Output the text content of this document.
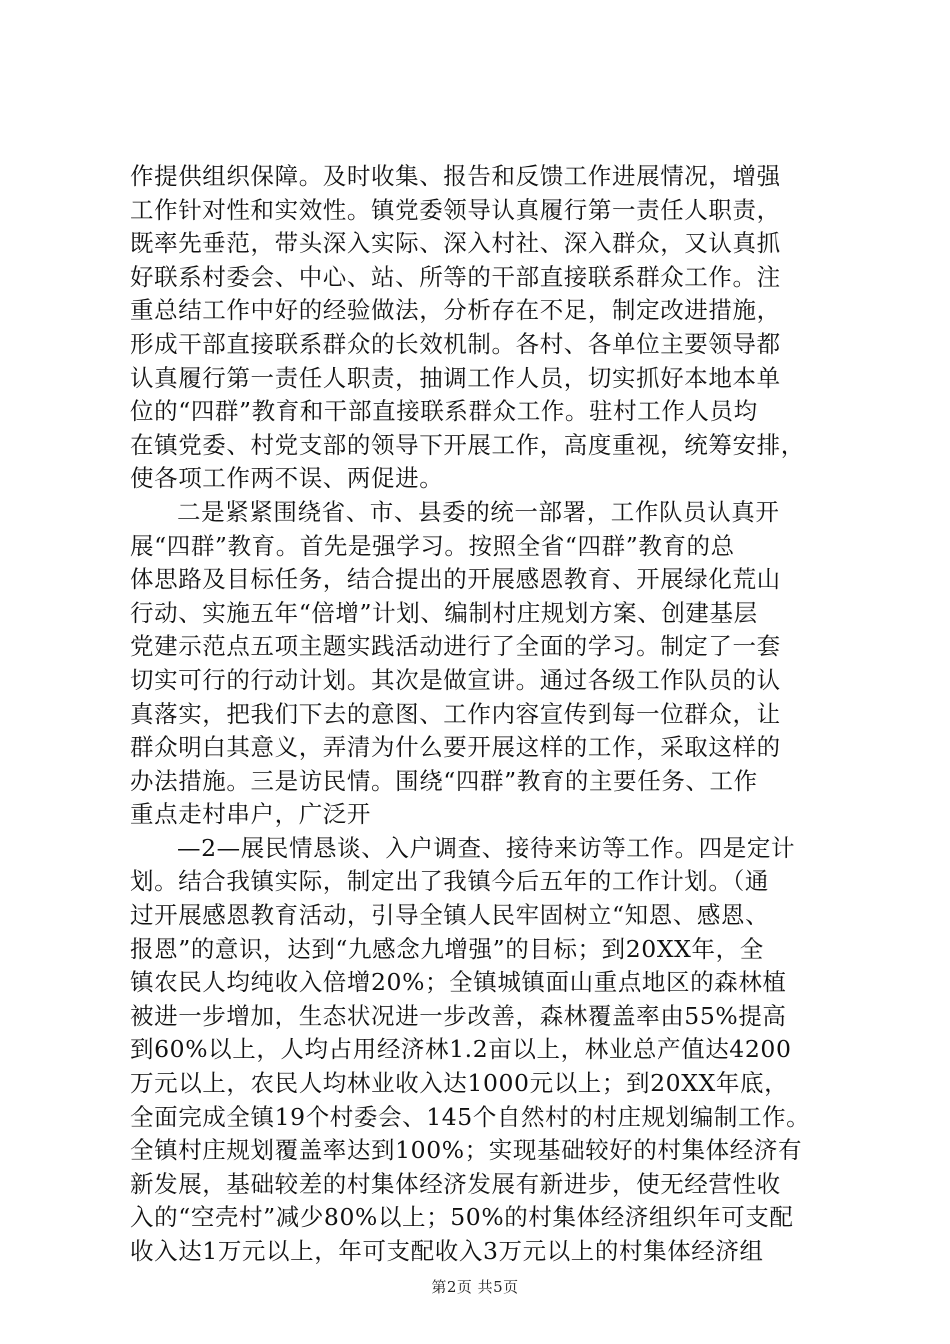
作提供组织保障。及时收集、报告和反馈工作进展情况，增强
工作针对性和实效性。镇党委领导认真履行第一责任人职责，
既率先垂范，带头深入实际、深入村社、深入群众，又认真抓
好联系村委会、中心、站、所等的干部直接联系群众工作。注
重总结工作中好的经验做法，分析存在不足，制定改进措施，
形成干部直接联系群众的长效机制。各村、各单位主要领导都
认真履行第一责任人职责，抽调工作人员，切实抓好本地本单
位的“四群”教育和干部直接联系群众工作。驻村工作人员均
在镇党委、村党支部的领导下开展工作，高度重视，统筹安排，
使各项工作两不误、两促进。
二是紧紧围绕省、市、县委的统一部署，工作队员认真开
展“四群”教育。首先是强学习。按照全省“四群”教育的总
体思路及目标任务，结合提出的开展感恩教育、开展绿化荒山
行动、实施五年“倍增”计划、编制村庄规划方案、创建基层
党建示范点五项主题实践活动进行了全面的学习。制定了一套
切实可行的行动计划。其次是做宣讲。通过各级工作队员的认
真落实，把我们下去的意图、工作内容宣传到每一位群众，让
群众明白其意义，弄清为什么要开展这样的工作，采取这样的
办法措施。三是访民情。围绕“四群”教育的主要任务、工作
重点走村串户，广泛开
—2—展民情恳谈、入户调查、接待来访等工作。四是定计
划。结合我镇实际，制定出了我镇今后五年的工作计划。（通
过开展感恩教育活动，引导全镇人民牢固树立“知恩、感恩、
报恩”的意识，达到“九感念九增强”的目标；到20XX年，全
镇农民人均纯收入倍增20%；全镇城镇面山重点地区的森林植
被进一步增加，生态状况进一步改善，森林覆盖率由55%提高
到60%以上，人均占用经济林1.2亩以上，林业总产值达4200
万元以上，农民人均林业收入达1000元以上；到20XX年底，
全面完成全镇19个村委会、145个自然村的村庄规划编制工作。
全镇村庄规划覆盖率达到100%；实现基础较好的村集体经济有
新发展，基础较差的村集体经济发展有新进步，使无经营性收
入的“空壳村”减少80%以上；50%的村集体经济组织年可支配
收入达1万元以上，年可支配收入3万元以上的村集体经济组
第2页 共5页
